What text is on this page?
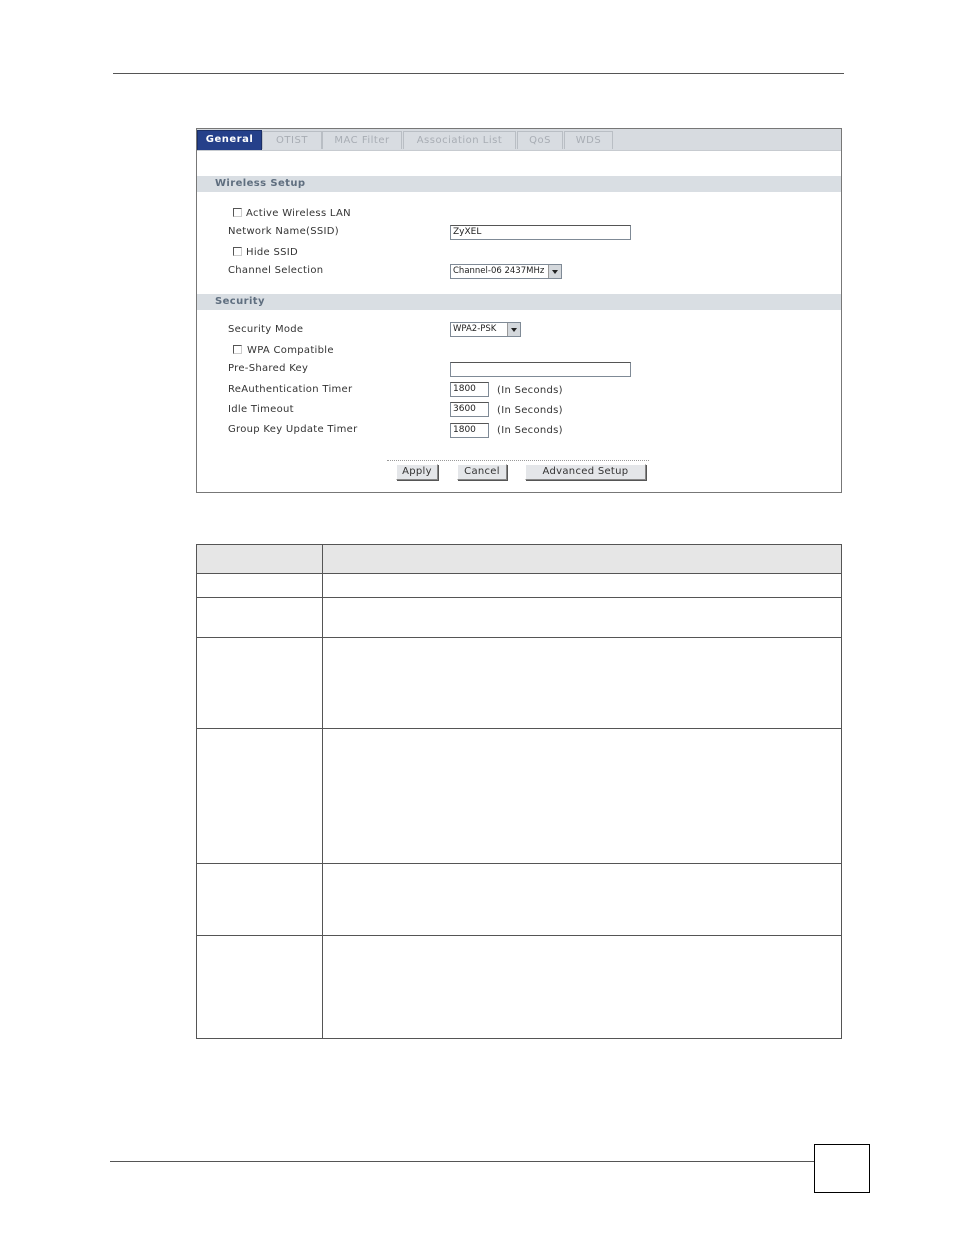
General	OTIST	MAC Filter	Association List	QoS	WDS
Wireless Setup
Active Wireless LAN
Network Name(SSID)	ZyXEL
Hide SSID
Channel Selection	Channel-06 2437MHz
Security
Security Mode	WPA2-PSK
WPA Compatible
Pre-Shared Key
ReAuthentication Timer	1800	(In Seconds)
Idle Timeout	3600	(In Seconds)
Group Key Update Timer	1800	(In Seconds)
Apply	Cancel	Advanced Setup
